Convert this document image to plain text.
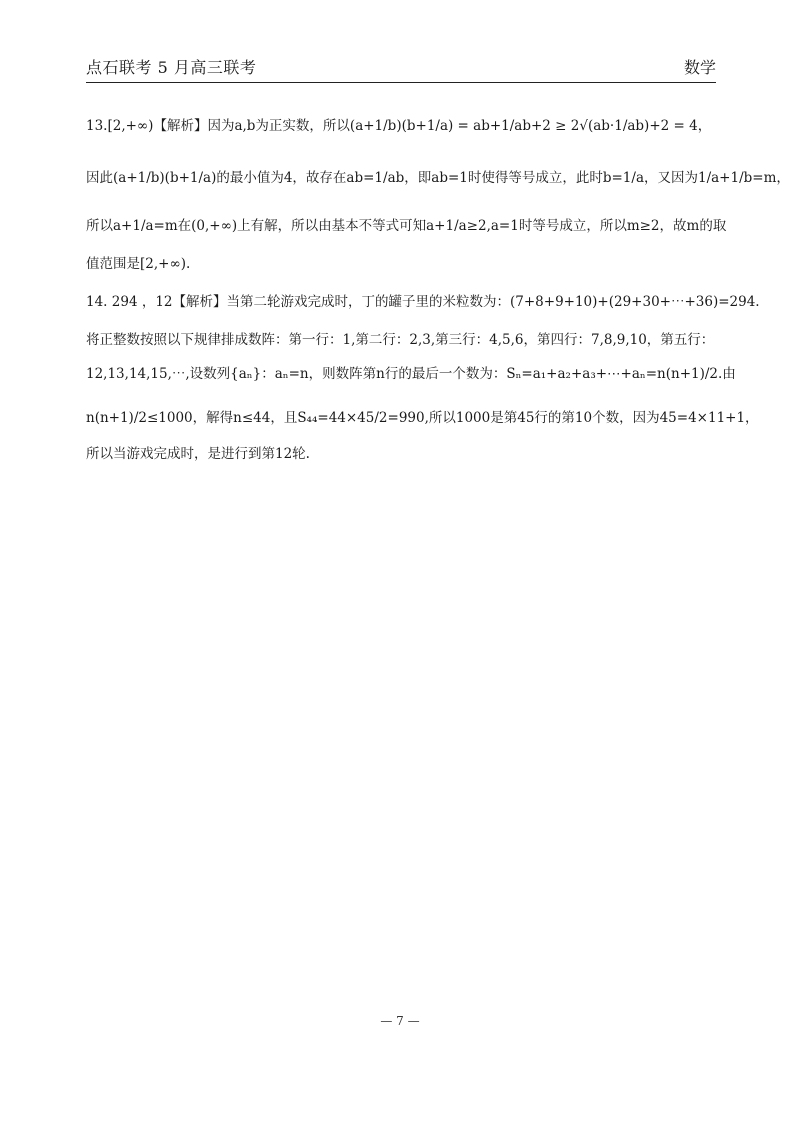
点石联考 5 月高三联考	数学
13.[2,+∞)【解析】因为a,b为正实数，所以(a+1/b)(b+1/a) = ab+1/ab+2 ≥ 2√(ab·1/ab)+2 = 4，
因此(a+1/b)(b+1/a)的最小值为4，故存在ab=1/ab，即ab=1时使得等号成立，此时b=1/a，又因为1/a+1/b=m，
所以a+1/a=m在(0,+∞)上有解，所以由基本不等式可知a+1/a≥2,a=1时等号成立，所以m≥2，故m的取
值范围是[2,+∞).
14. 294 ，12【解析】当第二轮游戏完成时，丁的罐子里的米粒数为：(7+8+9+10)+(29+30+⋯+36)=294.
将正整数按照以下规律排成数阵：第一行：1,第二行：2,3,第三行：4,5,6，第四行：7,8,9,10，第五行：
12,13,14,15,⋯,设数列{aₙ}：aₙ=n，则数阵第n行的最后一个数为：Sₙ=a₁+a₂+a₃+⋯+aₙ=n(n+1)/2.由
n(n+1)/2≤1000，解得n≤44，且S₄₄=44×45/2=990,所以1000是第45行的第10个数，因为45=4×11+1，
所以当游戏完成时，是进行到第12轮.
— 7 —
